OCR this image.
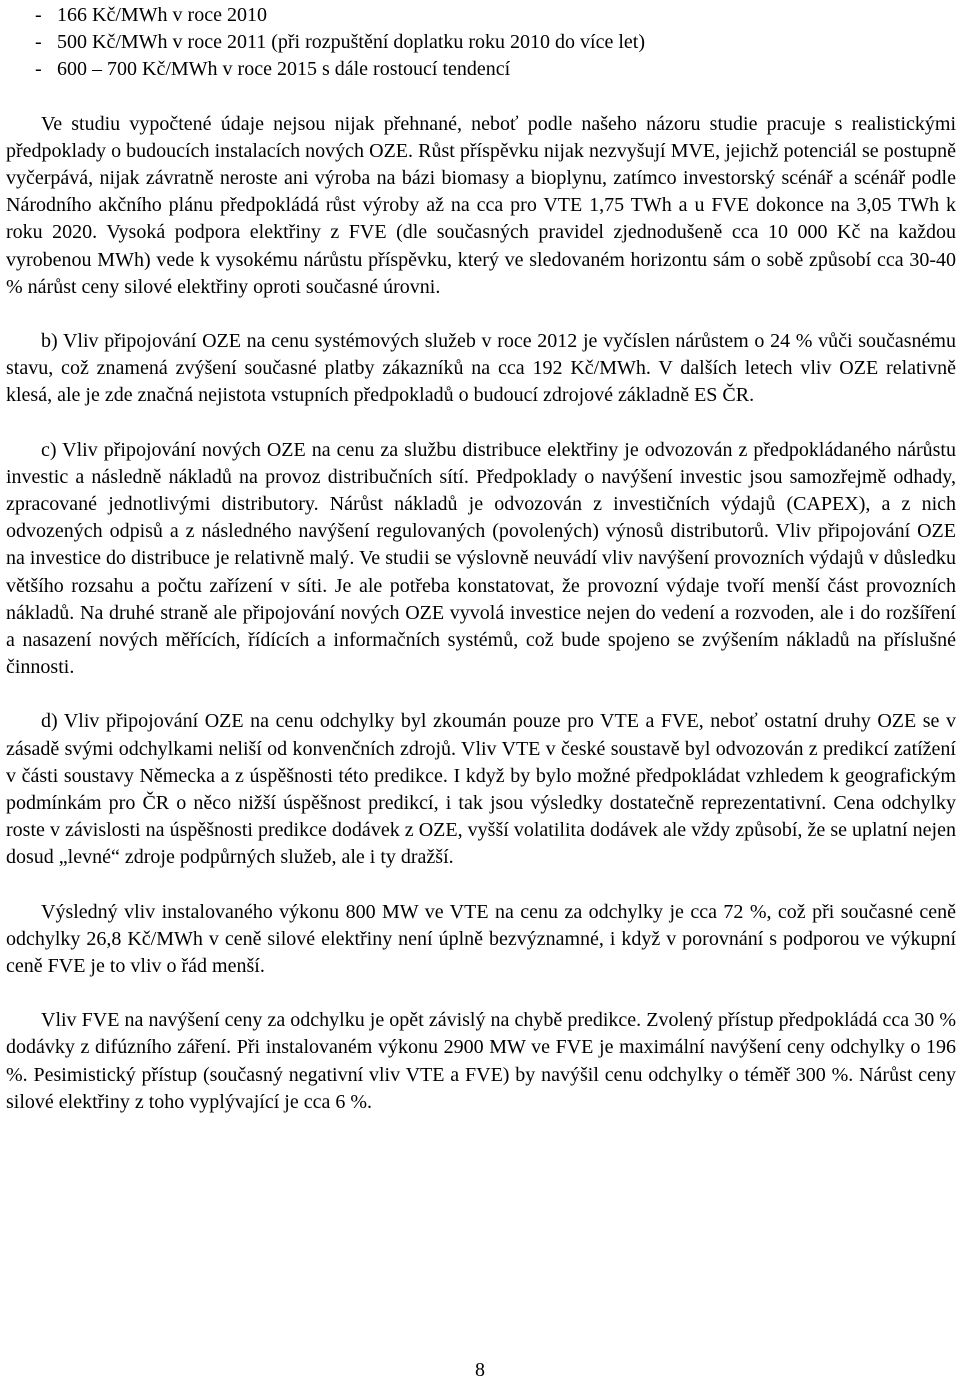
- 166 Kč/MWh v roce 2010
- 500 Kč/MWh v roce 2011 (při rozpuštění doplatku roku 2010 do více let)
- 600 – 700 Kč/MWh v roce 2015 s dále rostoucí tendencí

Ve studiu vypočtené údaje nejsou nijak přehnané, neboť podle našeho názoru studie pracuje s realistickými předpoklady o budoucích instalacích nových OZE. Růst příspěvku nijak nezvyšují MVE, jejichž potenciál se postupně vyčerpává, nijak závratně neroste ani výroba na bázi biomasy a bioplynu, zatímco investorský scénář a scénář podle Národního akčního plánu předpokládá růst výroby až na cca pro VTE 1,75 TWh a u FVE dokonce na 3,05 TWh k roku 2020. Vysoká podpora elektřiny z FVE (dle současných pravidel zjednodušeně cca 10 000 Kč na každou vyrobenou MWh) vede k vysokému nárůstu příspěvku, který ve sledovaném horizontu sám o sobě způsobí cca 30-40 % nárůst ceny silové elektřiny oproti současné úrovni.

b) Vliv připojování OZE na cenu systémových služeb v roce 2012 je vyčíslen nárůstem o 24 % vůči současnému stavu, což znamená zvýšení současné platby zákazníků na cca 192 Kč/MWh. V dalších letech vliv OZE relativně klesá, ale je zde značná nejistota vstupních předpokladů o budoucí zdrojové základně ES ČR.

c) Vliv připojování nových OZE na cenu za službu distribuce elektřiny je odvozován z předpokládaného nárůstu investic a následně nákladů na provoz distribučních sítí. Předpoklady o navýšení investic jsou samozřejmě odhady, zpracované jednotlivými distributory. Nárůst nákladů je odvozován z investičních výdajů (CAPEX), a z nich odvozených odpisů a z následného navýšení regulovaných (povolených) výnosů distributorů. Vliv připojování OZE na investice do distribuce je relativně malý. Ve studii se výslovně neuvádí vliv navýšení provozních výdajů v důsledku většího rozsahu a počtu zařízení v síti. Je ale potřeba konstatovat, že provozní výdaje tvoří menší část provozních nákladů. Na druhé straně ale připojování nových OZE vyvolá investice nejen do vedení a rozvoden, ale i do rozšíření a nasazení nových měřících, řídících a informačních systémů, což bude spojeno se zvýšením nákladů na příslušné činnosti.

d) Vliv připojování OZE na cenu odchylky byl zkoumán pouze pro VTE a FVE, neboť ostatní druhy OZE se v zásadě svými odchylkami neliší od konvenčních zdrojů. Vliv VTE v české soustavě byl odvozován z predikcí zatížení v části soustavy Německa a z úspěšnosti této predikce. I když by bylo možné předpokládat vzhledem k geografickým podmínkám pro ČR o něco nižší úspěšnost predikcí, i tak jsou výsledky dostatečně reprezentativní. Cena odchylky roste v závislosti na úspěšnosti predikce dodávek z OZE, vyšší volatilita dodávek ale vždy způsobí, že se uplatní nejen dosud „levné“ zdroje podpůrných služeb, ale i ty dražší.

Výsledný vliv instalovaného výkonu 800 MW ve VTE na cenu za odchylky je cca 72 %, což při současné ceně odchylky 26,8 Kč/MWh v ceně silové elektřiny není úplně bezvýznamné, i když v porovnání s podporou ve výkupní ceně FVE je to vliv o řád menší.

Vliv FVE na navýšení ceny za odchylku je opět závislý na chybě predikce. Zvolený přístup předpokládá cca 30 % dodávky z difúzního záření. Při instalovaném výkonu 2900 MW ve FVE je maximální navýšení ceny odchylky o 196 %. Pesimistický přístup (současný negativní vliv VTE a FVE) by navýšil cenu odchylky o téměř 300 %. Nárůst ceny silové elektřiny z toho vyplývající je cca 6 %.

8
